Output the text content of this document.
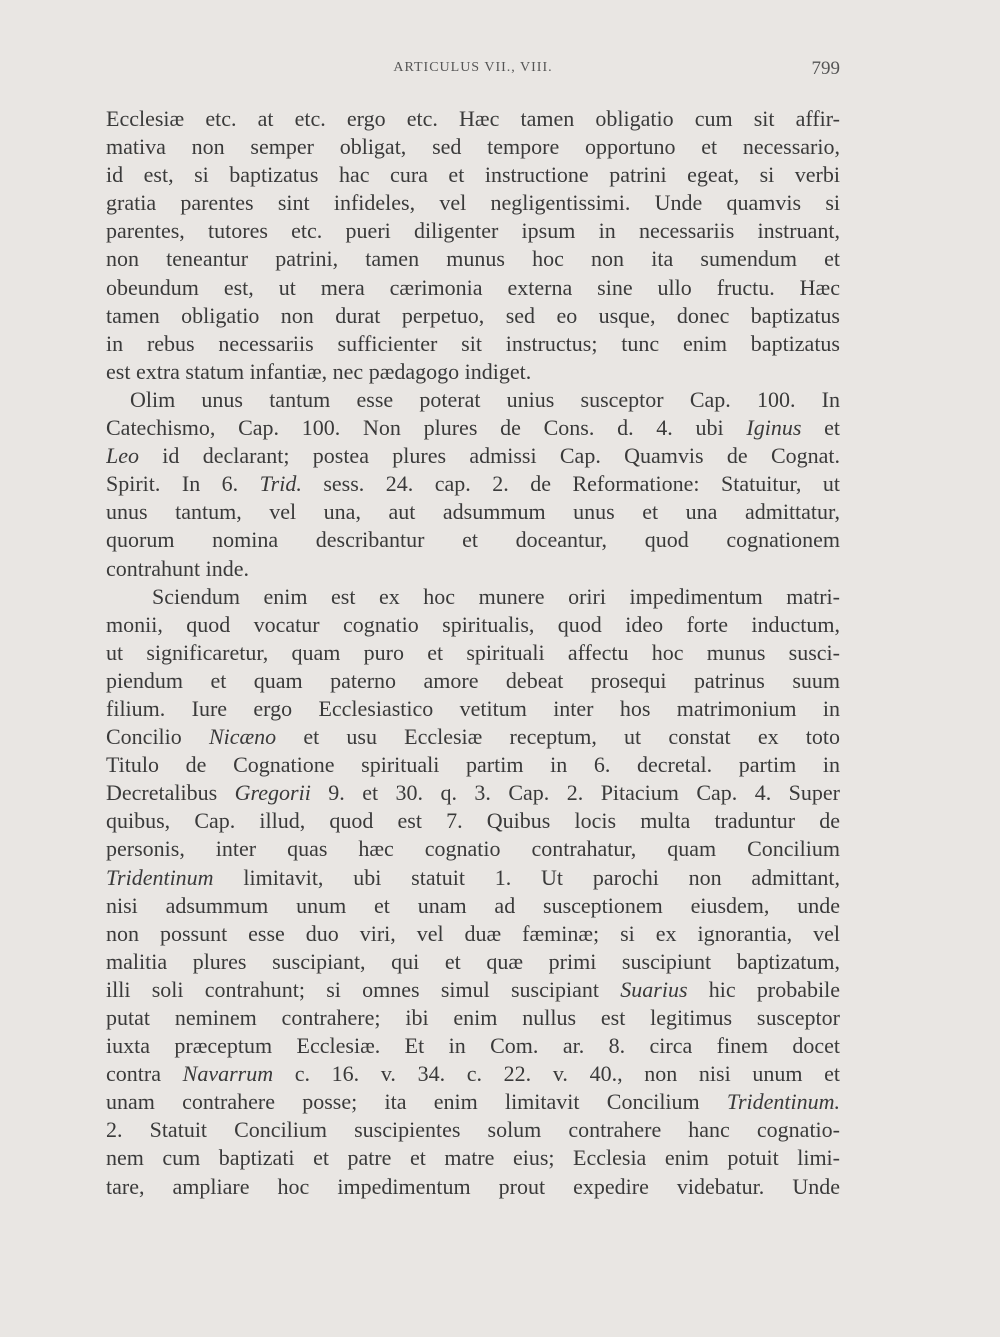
ARTICULUS VII., VIII.	799
Ecclesiæ etc. at etc. ergo etc. Hæc tamen obligatio cum sit affir-
mativa non semper obligat, sed tempore opportuno et necessario,
id est, si baptizatus hac cura et instructione patrini egeat, si verbi
gratia parentes sint infideles, vel negligentissimi. Unde quamvis si
parentes, tutores etc. pueri diligenter ipsum in necessariis instruant,
non teneantur patrini, tamen munus hoc non ita sumendum et
obeundum est, ut mera cærimonia externa sine ullo fructu. Hæc
tamen obligatio non durat perpetuo, sed eo usque, donec baptizatus
in rebus necessariis sufficienter sit instructus; tunc enim baptizatus
est extra statum infantiæ, nec pædagogo indiget.
Olim unus tantum esse poterat unius susceptor Cap. 100. In
Catechismo, Cap. 100. Non plures de Cons. d. 4. ubi Iginus et
Leo id declarant; postea plures admissi Cap. Quamvis de Cognat.
Spirit. In 6. Trid. sess. 24. cap. 2. de Reformatione: Statuitur, ut
unus tantum, vel una, aut adsummum unus et una admittatur,
quorum nomina describantur et doceantur, quod cognationem
contrahunt inde.
Sciendum enim est ex hoc munere oriri impedimentum matri-
monii, quod vocatur cognatio spiritualis, quod ideo forte inductum,
ut significaretur, quam puro et spirituali affectu hoc munus susci-
piendum et quam paterno amore debeat prosequi patrinus suum
filium. Iure ergo Ecclesiastico vetitum inter hos matrimonium in
Concilio Nicæno et usu Ecclesiæ receptum, ut constat ex toto
Titulo de Cognatione spirituali partim in 6. decretal. partim in
Decretalibus Gregorii 9. et 30. q. 3. Cap. 2. Pitacium Cap. 4. Super
quibus, Cap. illud, quod est 7. Quibus locis multa traduntur de
personis, inter quas hæc cognatio contrahatur, quam Concilium
Tridentinum limitavit, ubi statuit 1. Ut parochi non admittant,
nisi adsummum unum et unam ad susceptionem eiusdem, unde
non possunt esse duo viri, vel duæ fæminæ; si ex ignorantia, vel
malitia plures suscipiant, qui et quæ primi suscipiunt baptizatum,
illi soli contrahunt; si omnes simul suscipiant Suarius hic probabile
putat neminem contrahere; ibi enim nullus est legitimus susceptor
iuxta præceptum Ecclesiæ. Et in Com. ar. 8. circa finem docet
contra Navarrum c. 16. v. 34. c. 22. v. 40., non nisi unum et
unam contrahere posse; ita enim limitavit Concilium Tridentinum.
2. Statuit Concilium suscipientes solum contrahere hanc cognatio-
nem cum baptizati et patre et matre eius; Ecclesia enim potuit limi-
tare, ampliare hoc impedimentum prout expedire videbatur. Unde
